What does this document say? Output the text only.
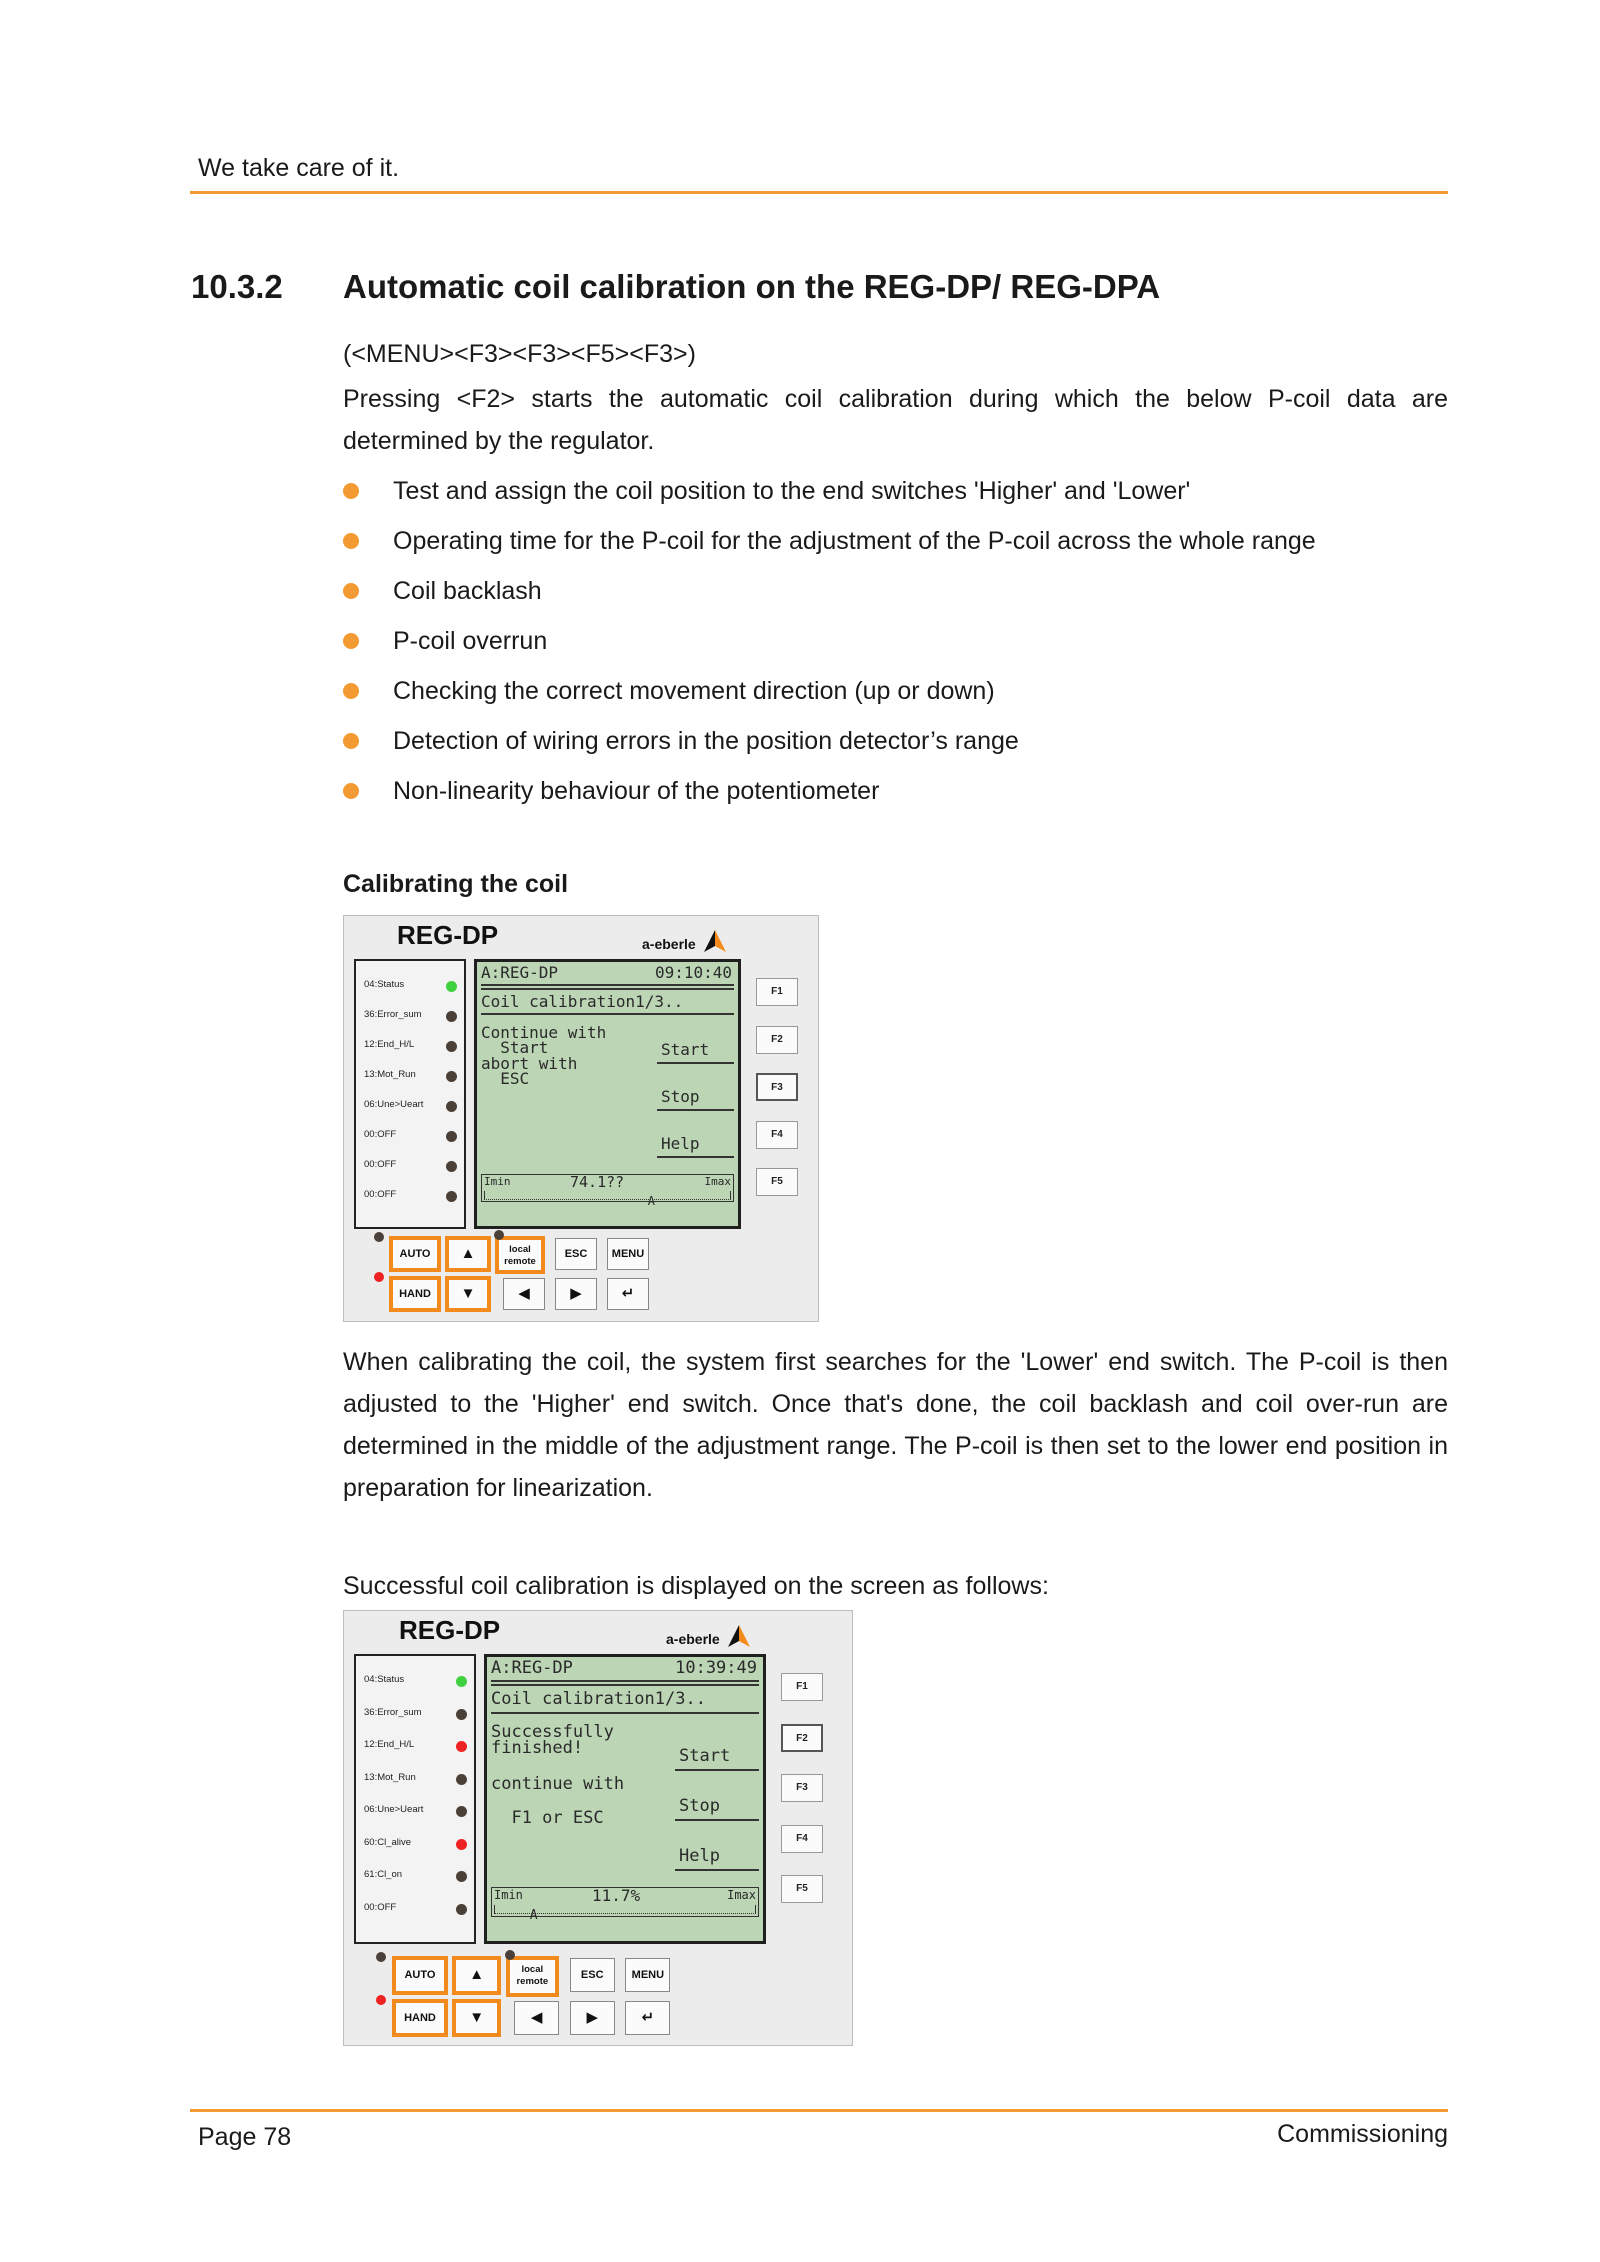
We take care of it.
10.3.2 Automatic coil calibration on the REG-DP/ REG-DPA
(<MENU><F3><F3><F5><F3>)
Pressing <F2> starts the automatic coil calibration during which the below P-coil data are determined by the regulator.
Test and assign the coil position to the end switches 'Higher' and 'Lower'
Operating time for the P-coil for the adjustment of the P-coil across the whole range
Coil backlash
P-coil overrun
Checking the correct movement direction (up or down)
Detection of wiring errors in the position detector’s range
Non-linearity behaviour of the potentiometer
Calibrating the coil
REG-DP	a-eberle
04:Status
36:Error_sum
12:End_H/L
13:Mot_Run
06:Une>Ueart
00:OFF
00:OFF
00:OFF
A:REG-DP	09:10:40
Coil calibration1/3..
Continue with
Start
abort with
ESC
Start
Stop
Help
Imin	74.1??	Imax
A
F1
F2
F3
F4
F5
AUTO
HAND
▲
▼
local
remote
ESC	MENU
◀	▶	↵
When calibrating the coil, the system first searches for the 'Lower' end switch. The P-coil is then adjusted to the 'Higher' end switch. Once that's done, the coil backlash and coil over-run are determined in the middle of the adjustment range. The P-coil is then set to the lower end position in preparation for linearization.
Successful coil calibration is displayed on the screen as follows:
REG-DP	a-eberle
04:Status
36:Error_sum
12:End_H/L
13:Mot_Run
06:Une>Ueart
60:Cl_alive
61:Cl_on
00:OFF
A:REG-DP	10:39:49
Coil calibration1/3..
Successfully
finished!
continue with
F1 or ESC
Start
Stop
Help
Imin	11.7%	Imax
A
F1
F2
F3
F4
F5
AUTO
HAND
▲
▼
local
remote
ESC	MENU
◀	▶	↵
Page 78	Commissioning
